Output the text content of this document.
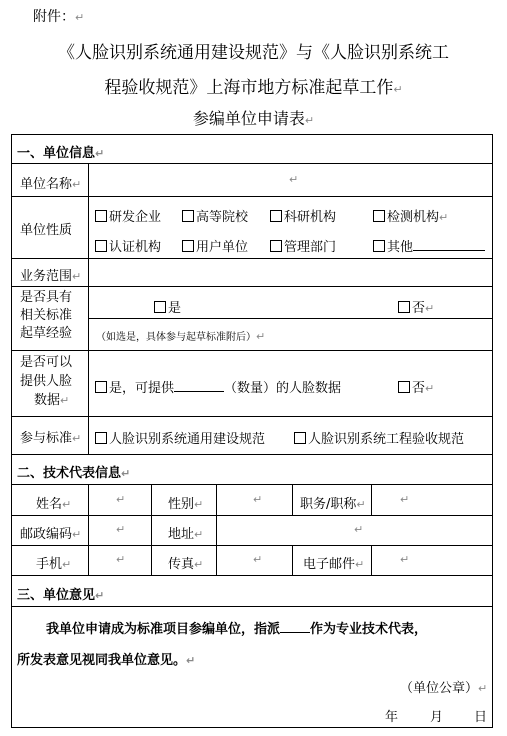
附件：↵
《人脸识别系统通用建设规范》与《人脸识别系统工
程验收规范》上海市地方标准起草工作↵
参编单位申请表↵
一、单位信息↵
单位名称↵	↵
单位性质
研发企业	高等院校	科研机构	检测机构↵
认证机构	用户单位	管理部门	其他
业务范围↵
是否具有
相关标准
起草经验
是	否↵
（如选是，具体参与起草标准附后）↵
是否可以
提供人脸
数据↵
是，可提供	（数量）的人脸数据	否↵
参与标准↵	人脸识别系统通用建设规范	人脸识别系统工程验收规范
二、技术代表信息↵
姓名↵	↵	性别↵	↵	职务/职称↵	↵
邮政编码↵	↵	地址↵	↵
手机↵	↵	传真↵	↵	电子邮件↵	↵
三、单位意见↵
我单位申请成为标准项目参编单位，指派 作为专业技术代表，
所发表意见视同我单位意见。↵
（单位公章）↵
年 月 日
